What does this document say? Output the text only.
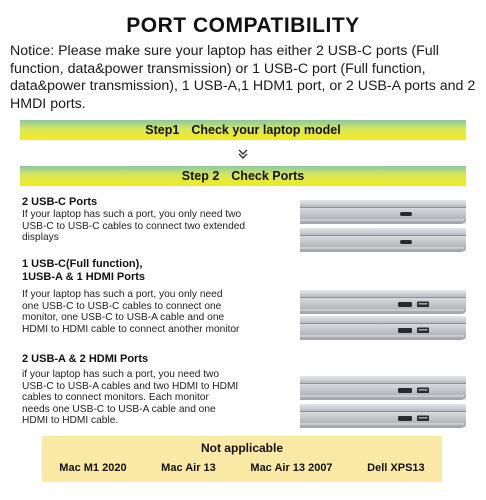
PORT COMPATIBILITY
Notice: Please make sure your laptop has either 2 USB-C ports (Full function, data&power transmission) or 1 USB-C port (Full function, data&power transmission), 1 USB-A,1 HDM1 port, or 2 USB-A ports and 2 HMDI ports.
Step1 Check your laptop model
Step 2 Check Ports
2 USB-C Ports
If your laptop has such a port, you only need two
USB-C to USB-C cables to connect two extended
displays
1 USB-C(Full function),
1USB-A & 1 HDMI Ports
If your laptop has such a port, you only need
one USB-C to USB-C cables to connect one
monitor, one USB-C to USB-A cable and one
HDMI to HDMI cable to connect another monitor
2 USB-A & 2 HDMI Ports
if your laptop has such a port, you need two
USB-C to USB-A cables and two HDMI to HDMI
cables to connect monitors. Each monitor
needs one USB-C to USB-A cable and one
HDMI to HDMI cable.
Not applicable
Mac M1 2020	Mac Air 13	Mac Air 13 2007	Dell XPS13
